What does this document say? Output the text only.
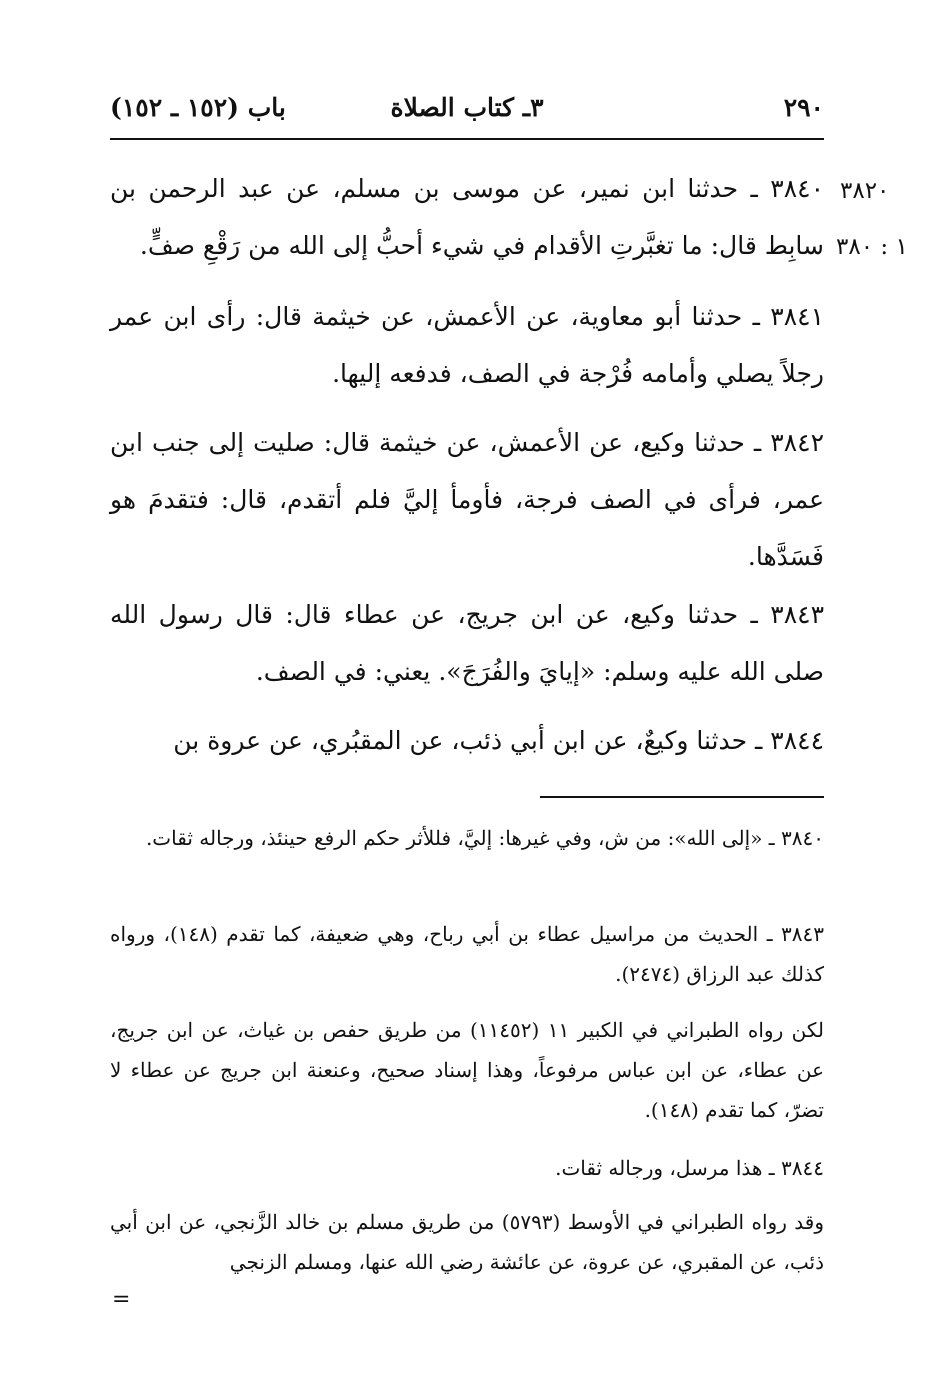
٢٩٠
٣ـ كتاب الصلاة
باب (١٥٢ ـ ١٥٢)
٣٨٢٠
١ : ٣٨٠

٣٨٤٠ ـ حدثنا ابن نمير، عن موسى بن مسلم، عن عبد الرحمن بن سابِط قال: ما تغبَّرتِ الأقدام في شيء أحبُّ إلى الله من رَقْعِ صفٍّ.

٣٨٤١ ـ حدثنا أبو معاوية، عن الأعمش، عن خيثمة قال: رأى ابن عمر رجلاً يصلي وأمامه فُرْجة في الصف، فدفعه إليها.

٣٨٤٢ ـ حدثنا وكيع، عن الأعمش، عن خيثمة قال: صليت إلى جنب ابن عمر، فرأى في الصف فرجة، فأومأ إليَّ فلم أتقدم، قال: فتقدمَ هو فَسَدَّها.

٣٨٤٣ ـ حدثنا وكيع، عن ابن جريج، عن عطاء قال: قال رسول الله صلى الله عليه وسلم: «إيايَ والفُرَجَ». يعني: في الصف.

٣٨٤٤ ـ حدثنا وكيعٌ، عن ابن أبي ذئب، عن المقبُري، عن عروة بن

٣٨٤٠ ـ «إلى الله»: من ش، وفي غيرها: إليَّ، فللأثر حكم الرفع حينئذ، ورجاله ثقات.

٣٨٤٣ ـ الحديث من مراسيل عطاء بن أبي رباح، وهي ضعيفة، كما تقدم (١٤٨)، ورواه كذلك عبد الرزاق (٢٤٧٤).

لكن رواه الطبراني في الكبير ١١ (١١٤٥٢) من طريق حفص بن غياث، عن ابن جريج، عن عطاء، عن ابن عباس مرفوعاً، وهذا إسناد صحيح، وعنعنة ابن جريج عن عطاء لا تضرّ، كما تقدم (١٤٨).

٣٨٤٤ ـ هذا مرسل، ورجاله ثقات.

وقد رواه الطبراني في الأوسط (٥٧٩٣) من طريق مسلم بن خالد الزَّنجي، عن ابن أبي ذئب، عن المقبري، عن عروة، عن عائشة رضي الله عنها، ومسلم الزنجي

=
